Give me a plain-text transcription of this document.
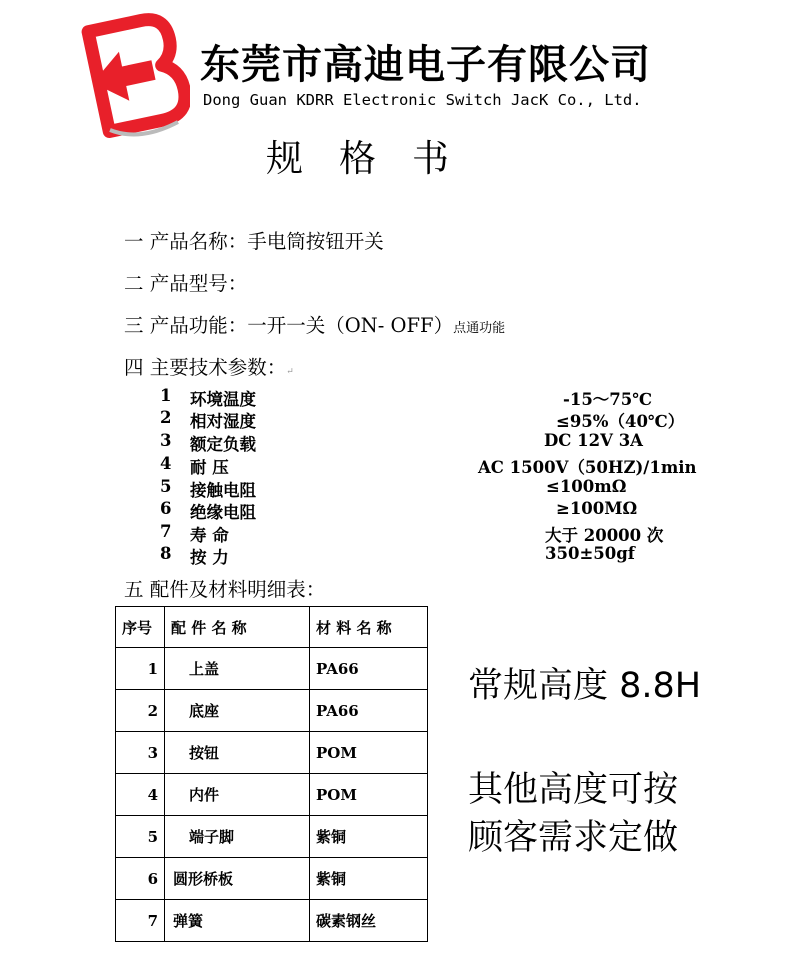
东莞市高迪电子有限公司
Dong Guan KDRR Electronic Switch JacK Co., Ltd.
规格书
一 产品名称：手电筒按钮开关
二 产品型号：
三 产品功能：一开一关（ON- OFF）点通功能
四 主要技术参数：↵
1 环境温度	-15～75℃
2 相对湿度	≤95%（40℃）
3 额定负载	DC 12V 3A
4 耐 压	AC 1500V（50HZ)/1min
5 接触电阻	≤100mΩ
6 绝缘电阻	≥100MΩ
7 寿 命	大于 20000 次
8 按 力	350±50gf
五 配件及材料明细表：
序号	配 件 名 称	材 料 名 称
1	上盖	PA66
2	底座	PA66
3	按钮	POM
4	内件	POM
5	端子脚	紫铜
6	圆形桥板	紫铜
7	弹簧	碳素钢丝
常规高度 8.8H
其他高度可按
顾客需求定做
